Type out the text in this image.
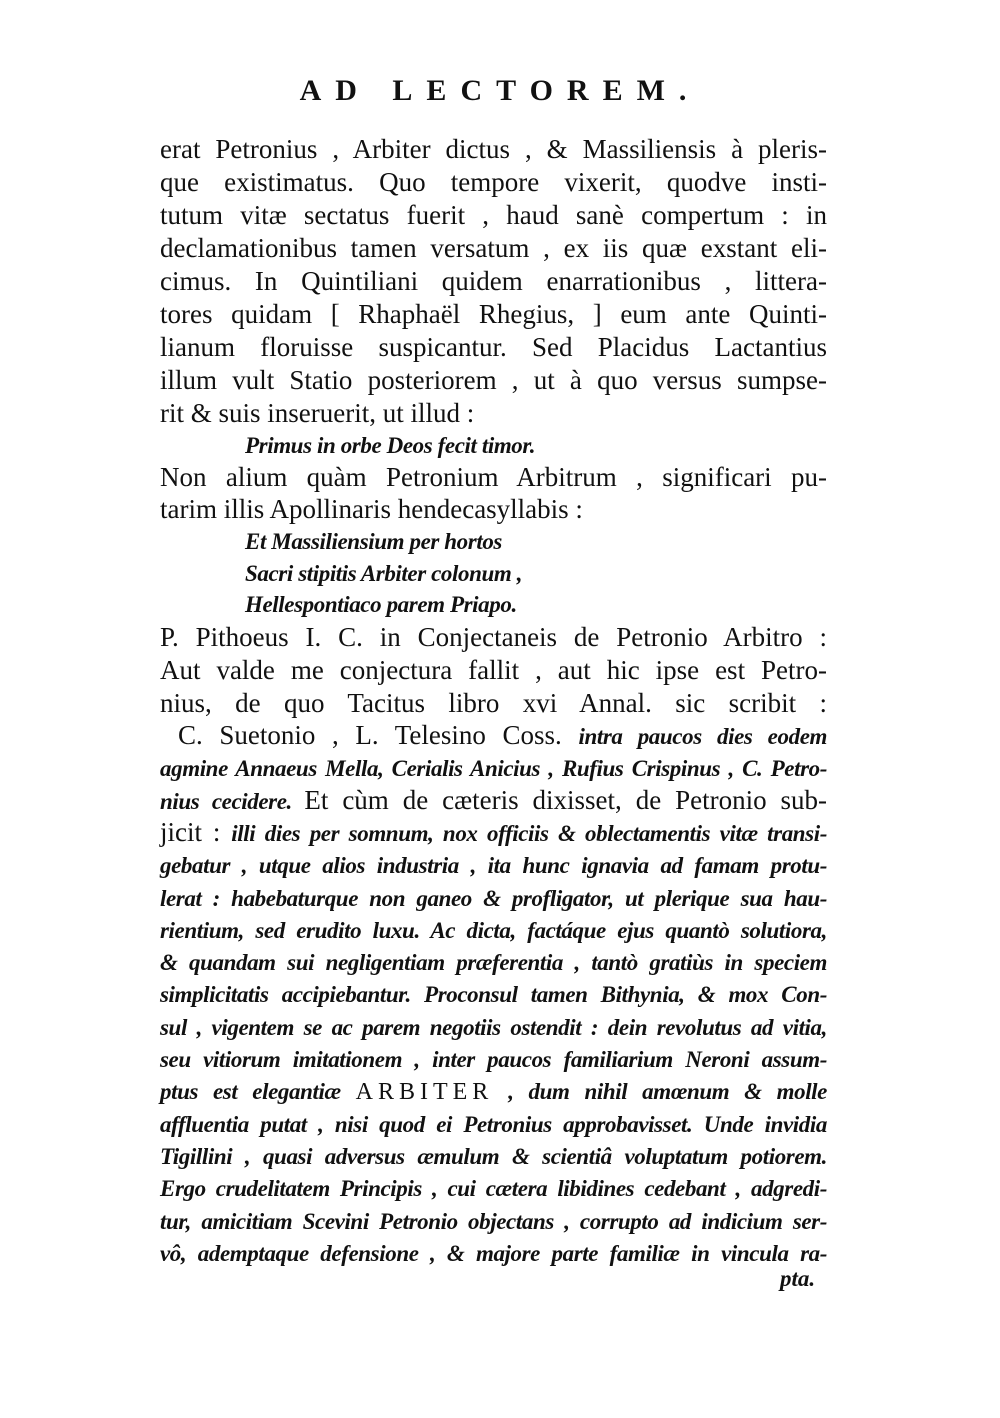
AD LECTOREM.
erat Petronius , Arbiter dictus , & Massiliensis à pleris-
que existimatus. Quo tempore vixerit, quodve insti-
tutum vitæ sectatus fuerit , haud sanè compertum : in
declamationibus tamen versatum , ex iis quæ exstant eli-
cimus. In Quintiliani quidem enarrationibus , littera-
tores quidam [ Rhaphaël Rhegius, ] eum ante Quinti-
lianum floruisse suspicantur. Sed Placidus Lactantius
illum vult Statio posteriorem , ut à quo versus sumpse-
rit & suis inseruerit, ut illud :
Primus in orbe Deos fecit timor.
Non alium quàm Petronium Arbitrum , significari pu-
tarim illis Apollinaris hendecasyllabis :
Et Massiliensium per hortos
Sacri stipitis Arbiter colonum ,
Hellespontiaco parem Priapo.
P. Pithoeus I. C. in Conjectaneis de Petronio Arbitro :
Aut valde me conjectura fallit , aut hic ipse est Petro-
nius, de quo Tacitus libro xvi Annal. sic scribit :
C. Suetonio , L. Telesino Coss. intra paucos dies eodem
agmine Annaeus Mella, Cerialis Anicius , Rufius Crispinus , C. Petro-
nius cecidere. Et cùm de cæteris dixisset, de Petronio sub-
jicit : illi dies per somnum, nox officiis & oblectamentis vitæ transi-
gebatur , utque alios industria , ita hunc ignavia ad famam protu-
lerat : habebaturque non ganeo & profligator, ut plerique sua hau-
rientium, sed erudito luxu. Ac dicta, factáque ejus quantò solutiora,
& quandam sui negligentiam præferentia , tantò gratiùs in speciem
simplicitatis accipiebantur. Proconsul tamen Bithynia, & mox Con-
sul , vigentem se ac parem negotiis ostendit : dein revolutus ad vitia,
seu vitiorum imitationem , inter paucos familiarium Neroni assum-
ptus est elegantiæ ARBITER , dum nihil amœnum & molle
affluentia putat , nisi quod ei Petronius approbavisset. Unde invidia
Tigillini , quasi adversus æmulum & scientiâ voluptatum potiorem.
Ergo crudelitatem Principis , cui cætera libidines cedebant , adgredi-
tur, amicitiam Scevini Petronio objectans , corrupto ad indicium ser-
vô, ademptaque defensione , & majore parte familiæ in vincula ra-
pta.
